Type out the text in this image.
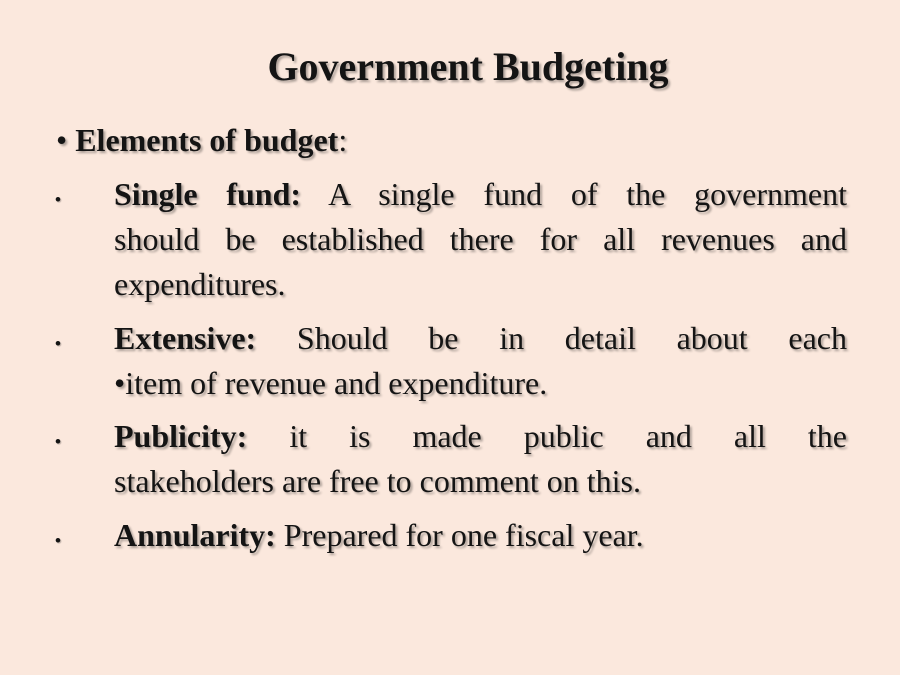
Government Budgeting
• Elements of budget:
• Single fund: A single fund of the government
should be established there for all revenues and
expenditures.
• Extensive: Should be in detail about each
•item of revenue and expenditure.
• Publicity: it is made public and all the
stakeholders are free to comment on this.
• Annularity: Prepared for one fiscal year.
